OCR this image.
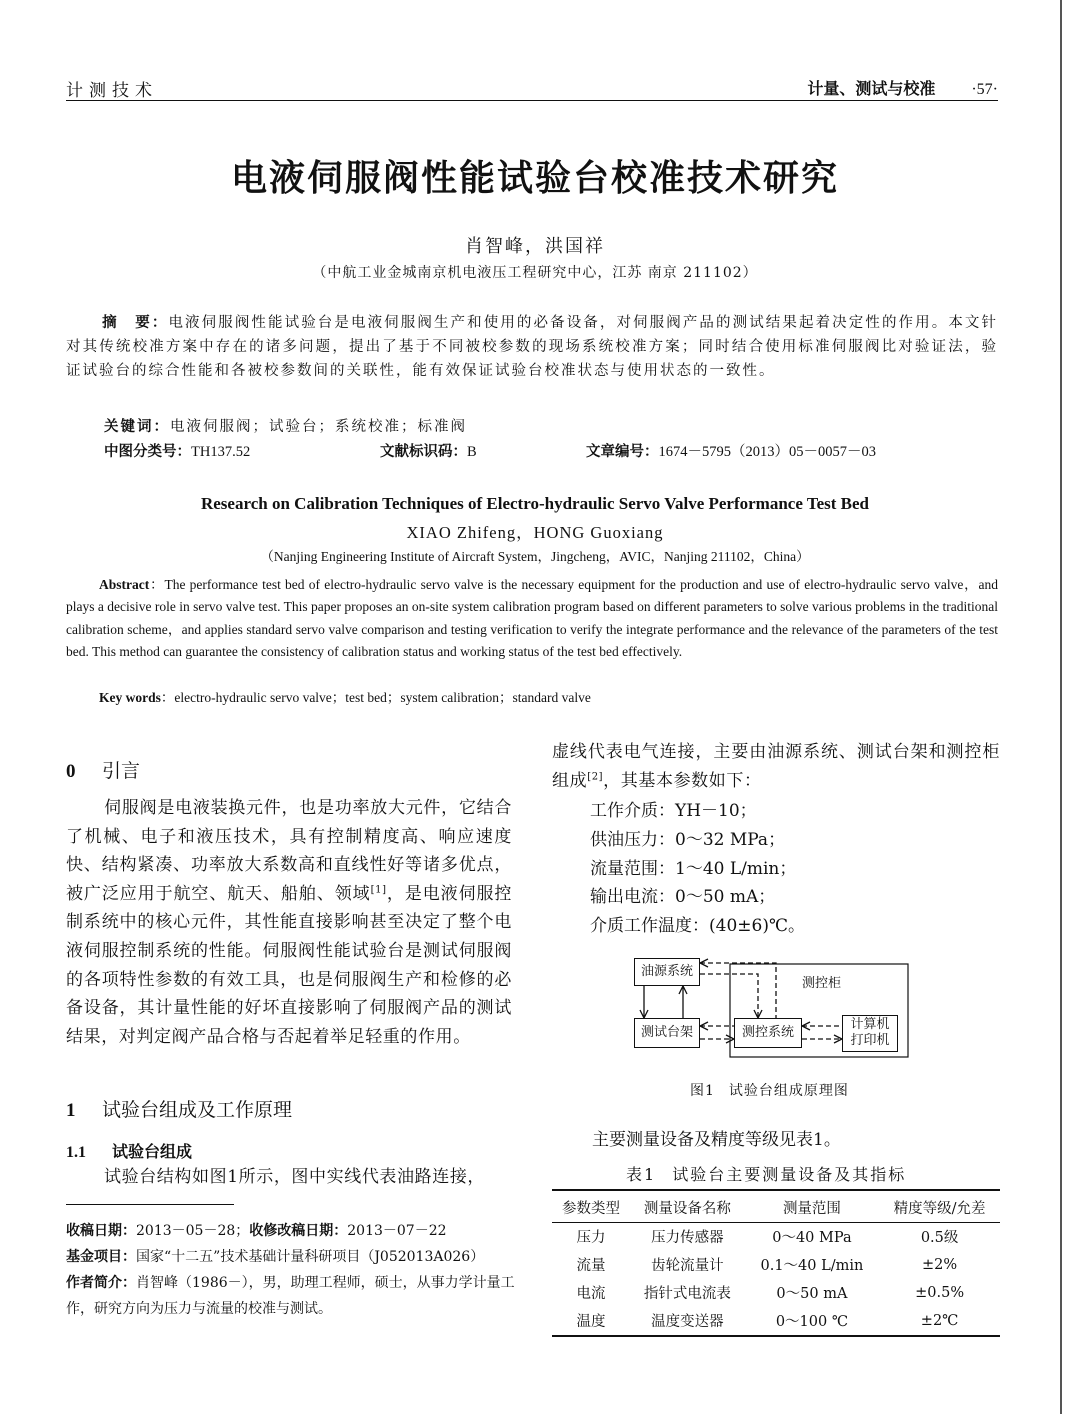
计测技术	计量、测试与校准 ·57·
电液伺服阀性能试验台校准技术研究
肖智峰，洪国祥
（中航工业金城南京机电液压工程研究中心，江苏 南京 211102）
摘　要：电液伺服阀性能试验台是电液伺服阀生产和使用的必备设备，对伺服阀产品的测试结果起着决定性的作用。本文针对其传统校准方案中存在的诸多问题，提出了基于不同被校参数的现场系统校准方案；同时结合使用标准伺服阀比对验证法，验证试验台的综合性能和各被校参数间的关联性，能有效保证试验台校准状态与使用状态的一致性。
关键词：电液伺服阀；试验台；系统校准；标准阀
中图分类号：TH137.52	文献标识码：B	文章编号：1674－5795（2013）05－0057－03
Research on Calibration Techniques of Electro-hydraulic Servo Valve Performance Test Bed
XIAO Zhifeng，HONG Guoxiang
（Nanjing Engineering Institute of Aircraft System，Jingcheng，AVIC，Nanjing 211102，China）
Abstract：The performance test bed of electro-hydraulic servo valve is the necessary equipment for the production and use of electro-hydraulic servo valve，and plays a decisive role in servo valve test. This paper proposes an on-site system calibration program based on different parameters to solve various problems in the traditional calibration scheme，and applies standard servo valve comparison and testing verification to verify the integrate performance and the relevance of the parameters of the test bed. This method can guarantee the consistency of calibration status and working status of the test bed effectively.
Key words：electro-hydraulic servo valve；test bed；system calibration；standard valve
0 引言
伺服阀是电液装换元件，也是功率放大元件，它结合了机械、电子和液压技术，具有控制精度高、响应速度快、结构紧凑、功率放大系数高和直线性好等诸多优点，被广泛应用于航空、航天、船舶、领域[1]，是电液伺服控制系统中的核心元件，其性能直接影响甚至决定了整个电液伺服控制系统的性能。伺服阀性能试验台是测试伺服阀的各项特性参数的有效工具，也是伺服阀生产和检修的必备设备，其计量性能的好坏直接影响了伺服阀产品的测试结果，对判定阀产品合格与否起着举足轻重的作用。
1 试验台组成及工作原理
1.1 试验台组成
试验台结构如图1所示，图中实线代表油路连接，
收稿日期：2013－05－28；收修改稿日期：2013－07－22
基金项目：国家“十二五”技术基础计量科研项目（J052013A026）
作者简介：肖智峰（1986－），男，助理工程师，硕士，从事力学计量工作，研究方向为压力与流量的校准与测试。
虚线代表电气连接，主要由油源系统、测试台架和测控柜组成[2]，其基本参数如下：
工作介质：YH－10；
供油压力：0～32 MPa；
流量范围：1～40 L/min；
输出电流：0～50 mA；
介质工作温度：(40±6)℃。
油源系统
测试台架	测控系统
计算机
打印机
测控柜
图1 试验台组成原理图
主要测量设备及精度等级见表1。
表1 试验台主要测量设备及其指标
参数类型	测量设备名称	测量范围	精度等级/允差
压力	压力传感器	0～40 MPa	0.5级
流量	齿轮流量计	0.1～40 L/min	±2%
电流	指针式电流表	0～50 mA	±0.5%
温度	温度变送器	0～100 ℃	±2℃
